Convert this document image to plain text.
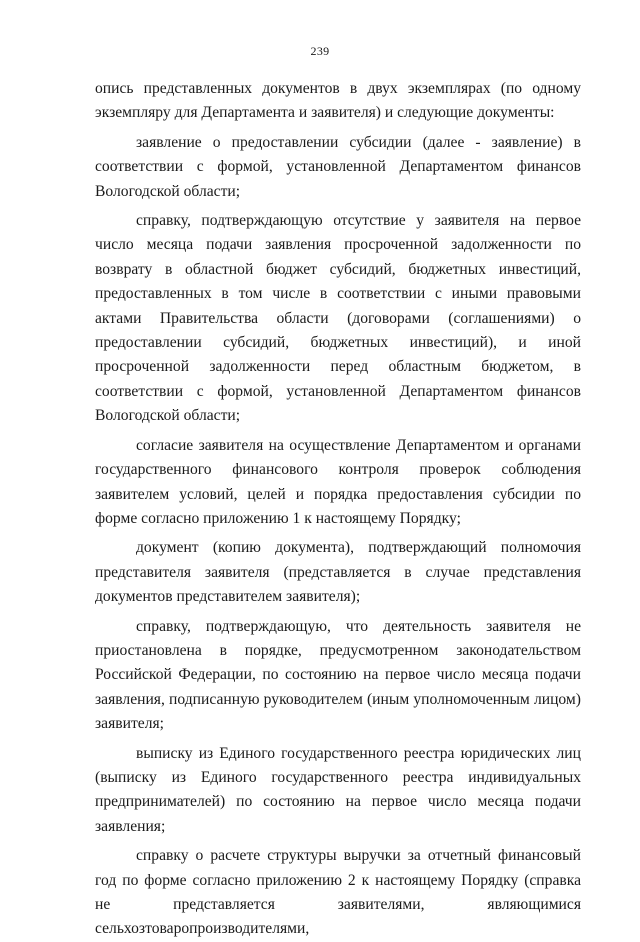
239

опись представленных документов в двух экземплярах (по одному экземпляру для Департамента и заявителя) и следующие документы:

заявление о предоставлении субсидии (далее - заявление) в соответствии с формой, установленной Департаментом финансов Вологодской области;

справку, подтверждающую отсутствие у заявителя на первое число месяца подачи заявления просроченной задолженности по возврату в областной бюджет субсидий, бюджетных инвестиций, предоставленных в том числе в соответствии с иными правовыми актами Правительства области (договорами (соглашениями) о предоставлении субсидий, бюджетных инвестиций), и иной просроченной задолженности перед областным бюджетом, в соответствии с формой, установленной Департаментом финансов Вологодской области;

согласие заявителя на осуществление Департаментом и органами государственного финансового контроля проверок соблюдения заявителем условий, целей и порядка предоставления субсидии по форме согласно приложению 1 к настоящему Порядку;

документ (копию документа), подтверждающий полномочия представителя заявителя (представляется в случае представления документов представителем заявителя);

справку, подтверждающую, что деятельность заявителя не приостановлена в порядке, предусмотренном законодательством Российской Федерации, по состоянию на первое число месяца подачи заявления, подписанную руководителем (иным уполномоченным лицом) заявителя;

выписку из Единого государственного реестра юридических лиц (выписку из Единого государственного реестра индивидуальных предпринимателей) по состоянию на первое число месяца подачи заявления;

справку о расчете структуры выручки за отчетный финансовый год по форме согласно приложению 2 к настоящему Порядку (справка не представляется заявителями, являющимися сельхозтоваропроизводителями,
